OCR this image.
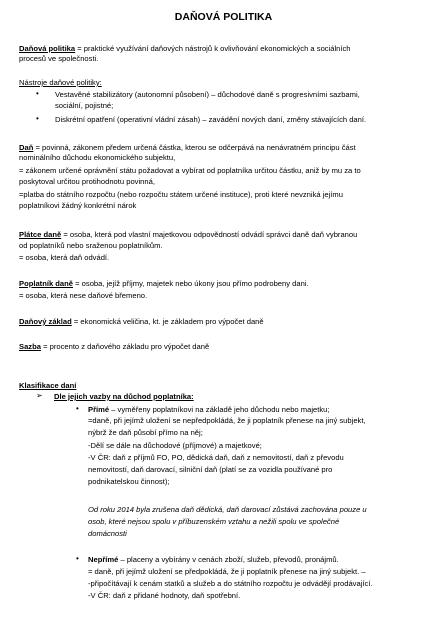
DAŇOVÁ POLITIKA
Daňová politika = praktické využívání daňových nástrojů k ovlivňování ekonomických a sociálních
procesů ve společnosti.
Nástroje daňové politiky:
• Vestavěné stabilizátory (autonomní působení) – důchodové daně s progresivními sazbami,
sociální, pojistné;
• Diskrétní opatření (operativní vládní zásah) – zavádění nových daní, změny stávajících daní.
Daň = povinná, zákonem předem určená částka, kterou se odčerpává na nenávratném principu část
nominálního důchodu ekonomického subjektu,
= zákonem určené oprávnění státu požadovat a vybírat od poplatníka určitou částku, aniž by mu za to
poskytoval určitou protihodnotu povinná,
=platba do státního rozpočtu (nebo rozpočtu státem určené instituce), proti které nevzniká jejímu
poplatníkovi žádný konkrétní nárok
Plátce daně = osoba, která pod vlastní majetkovou odpovědností odvádí správci daně daň vybranou
od poplatníků nebo sraženou poplatníkům.
= osoba, která daň odvádí.
Poplatník daně = osoba, jejíž příjmy, majetek nebo úkony jsou přímo podrobeny dani.
= osoba, která nese daňové břemeno.
Daňový základ = ekonomická veličina, kt. je základem pro výpočet daně
Sazba = procento z daňového základu pro výpočet daně
Klasifikace daní
➢ Dle jejich vazby na důchod poplatníka:
• Přímé – vyměřeny poplatníkovi na základě jeho důchodu nebo majetku;
=daně, při jejímž uložení se nepředpokládá, že ji poplatník přenese na jiný subjekt,
nýbrž že daň působí přímo na něj;
-Dělí se dále na důchodové (příjmové) a majetkové;
-V ČR: daň z příjmů FO, PO, dědická daň, daň z nemovitostí, daň z převodu
nemovitostí, daň darovací, silniční daň (platí se za vozidla používané pro
podnikatelskou činnost);
Od roku 2014 byla zrušena daň dědická, daň darovací zůstává zachována pouze u
osob, které nejsou spolu v příbuzenském vztahu a nežili spolu ve společné
domácnosti
• Nepřímé – placeny a vybírány v cenách zboží, služeb, převodů, pronájmů.
= daně, při jejímž uložení se předpokládá, že ji poplatník přenese na jiný subjekt. –
-připočítávají k cenám statků a služeb a do státního rozpočtu je odvádějí prodávající.
-V ČR: daň z přidané hodnoty, daň spotřební.
